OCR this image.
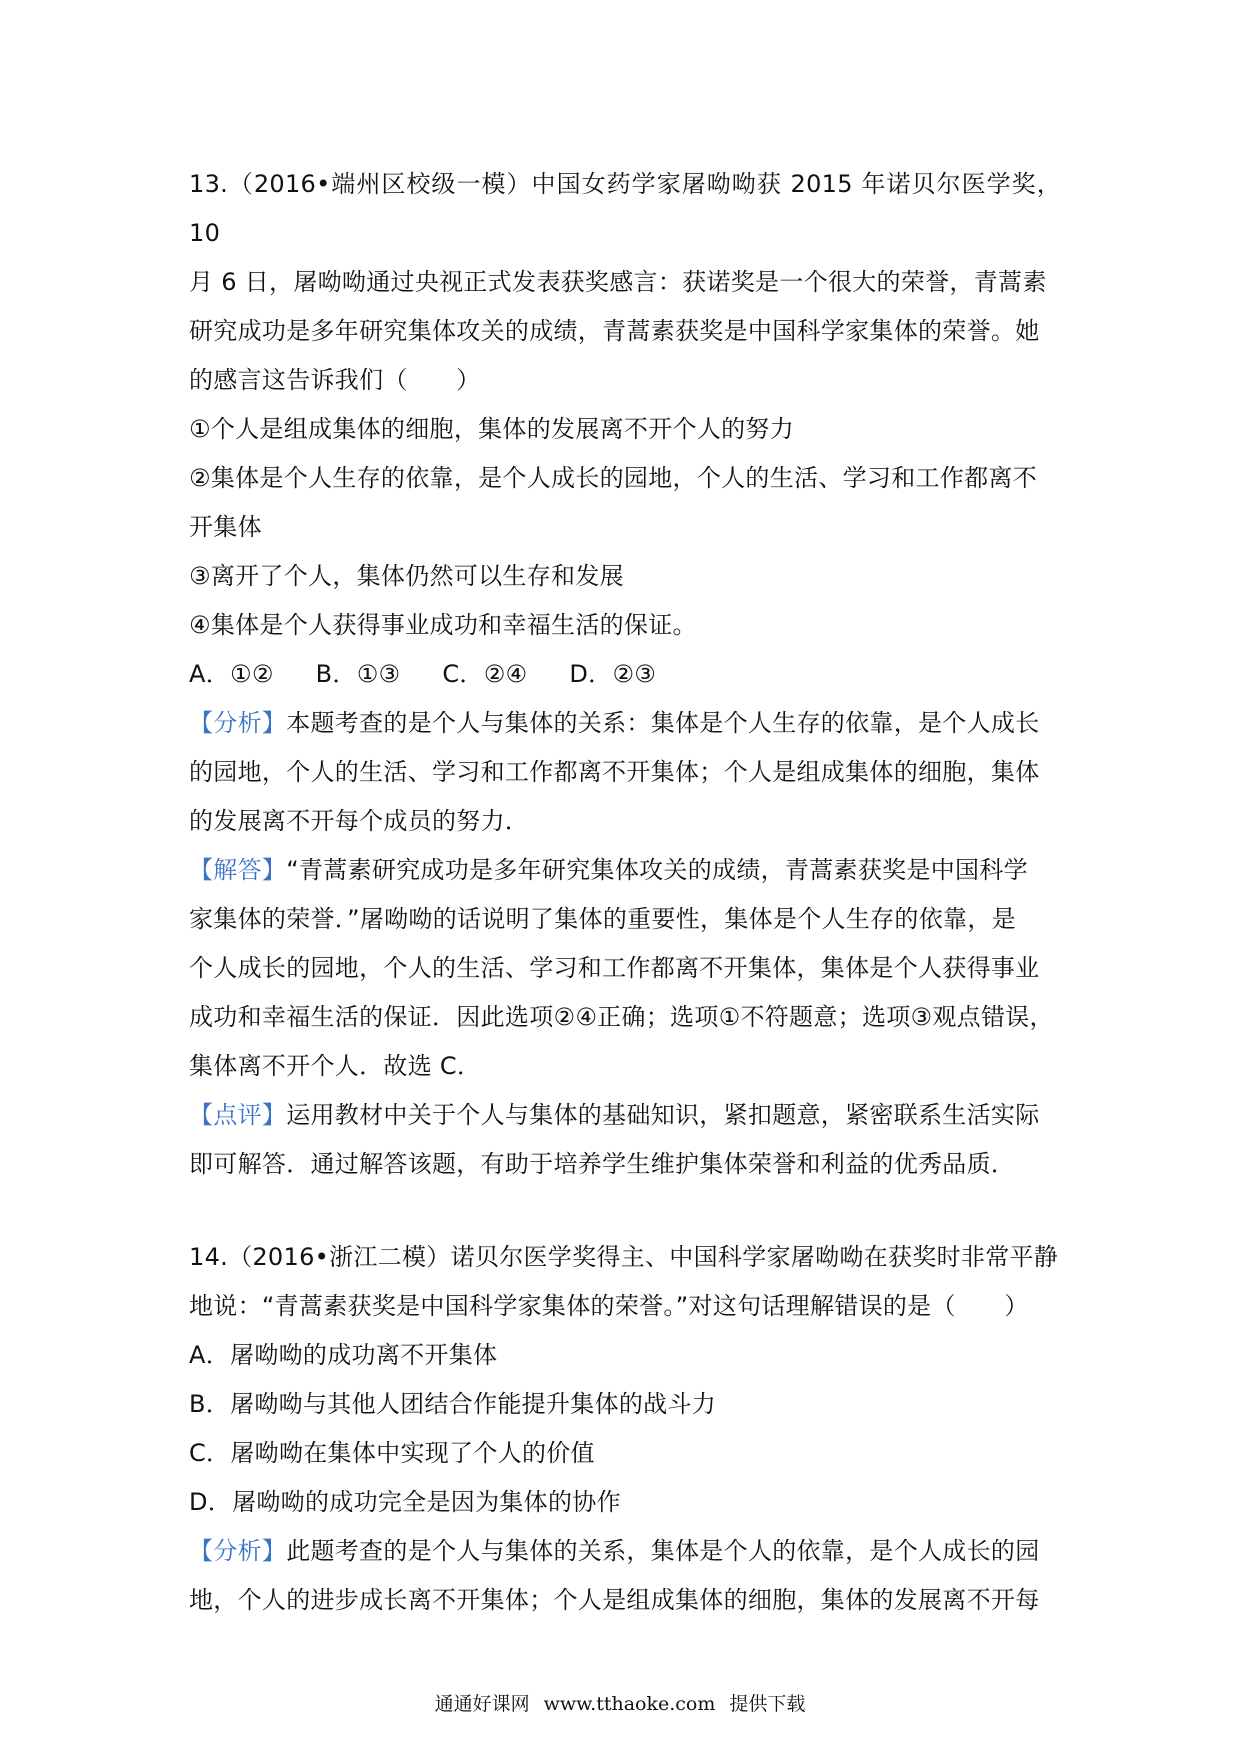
13.（2016•端州区校级一模）中国女药学家屠呦呦获 2015 年诺贝尔医学奖，10

月 6 日，屠呦呦通过央视正式发表获奖感言：获诺奖是一个很大的荣誉，青蒿素

研究成功是多年研究集体攻关的成绩，青蒿素获奖是中国科学家集体的荣誉。她

的感言这告诉我们（　　）

①个人是组成集体的细胞，集体的发展离不开个人的努力

②集体是个人生存的依靠，是个人成长的园地，个人的生活、学习和工作都离不

开集体

③离开了个人，集体仍然可以生存和发展

④集体是个人获得事业成功和幸福生活的保证。

A．①② B．①③ C．②④ D．②③

【分析】本题考查的是个人与集体的关系：集体是个人生存的依靠，是个人成长

的园地，个人的生活、学习和工作都离不开集体；个人是组成集体的细胞，集体

的发展离不开每个成员的努力．

【解答】“青蒿素研究成功是多年研究集体攻关的成绩，青蒿素获奖是中国科学

家集体的荣誉．”屠呦呦的话说明了集体的重要性，集体是个人生存的依靠，是

个人成长的园地，个人的生活、学习和工作都离不开集体，集体是个人获得事业

成功和幸福生活的保证．因此选项②④正确；选项①不符题意；选项③观点错误，

集体离不开个人．故选 C．

【点评】运用教材中关于个人与集体的基础知识，紧扣题意，紧密联系生活实际

即可解答．通过解答该题，有助于培养学生维护集体荣誉和利益的优秀品质．

14.（2016•浙江二模）诺贝尔医学奖得主、中国科学家屠呦呦在获奖时非常平静

地说：“青蒿素获奖是中国科学家集体的荣誉。”对这句话理解错误的是（　　）

A．屠呦呦的成功离不开集体

B．屠呦呦与其他人团结合作能提升集体的战斗力

C．屠呦呦在集体中实现了个人的价值

D．屠呦呦的成功完全是因为集体的协作

【分析】此题考查的是个人与集体的关系，集体是个人的依靠，是个人成长的园

地，个人的进步成长离不开集体；个人是组成集体的细胞，集体的发展离不开每

通通好课网 www.tthaoke.com 提供下载
